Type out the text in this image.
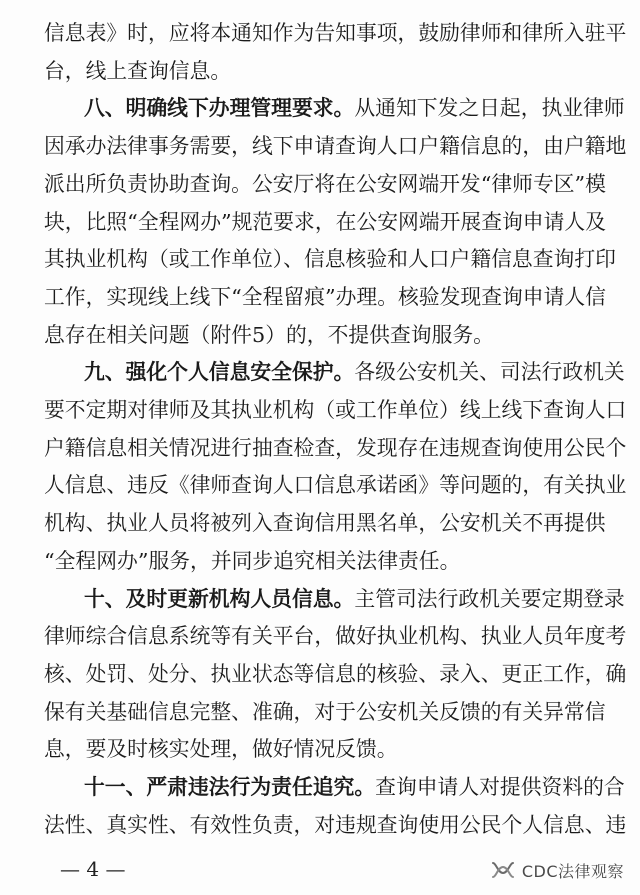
信息表》时，应将本通知作为告知事项，鼓励律师和律所入驻平
台，线上查询信息。
八、明确线下办理管理要求。从通知下发之日起，执业律师
因承办法律事务需要，线下申请查询人口户籍信息的，由户籍地
派出所负责协助查询。公安厅将在公安网端开发“律师专区”模
块，比照“全程网办”规范要求，在公安网端开展查询申请人及
其执业机构（或工作单位）、信息核验和人口户籍信息查询打印
工作，实现线上线下“全程留痕”办理。核验发现查询申请人信
息存在相关问题（附件5）的，不提供查询服务。
九、强化个人信息安全保护。各级公安机关、司法行政机关
要不定期对律师及其执业机构（或工作单位）线上线下查询人口
户籍信息相关情况进行抽查检查，发现存在违规查询使用公民个
人信息、违反《律师查询人口信息承诺函》等问题的，有关执业
机构、执业人员将被列入查询信用黑名单，公安机关不再提供
“全程网办”服务，并同步追究相关法律责任。
十、及时更新机构人员信息。主管司法行政机关要定期登录
律师综合信息系统等有关平台，做好执业机构、执业人员年度考
核、处罚、处分、执业状态等信息的核验、录入、更正工作，确
保有关基础信息完整、准确，对于公安机关反馈的有关异常信
息，要及时核实处理，做好情况反馈。
十一、严肃违法行为责任追究。查询申请人对提供资料的合
法性、真实性、有效性负责，对违规查询使用公民个人信息、违
— 4 —	CDC法律观察
